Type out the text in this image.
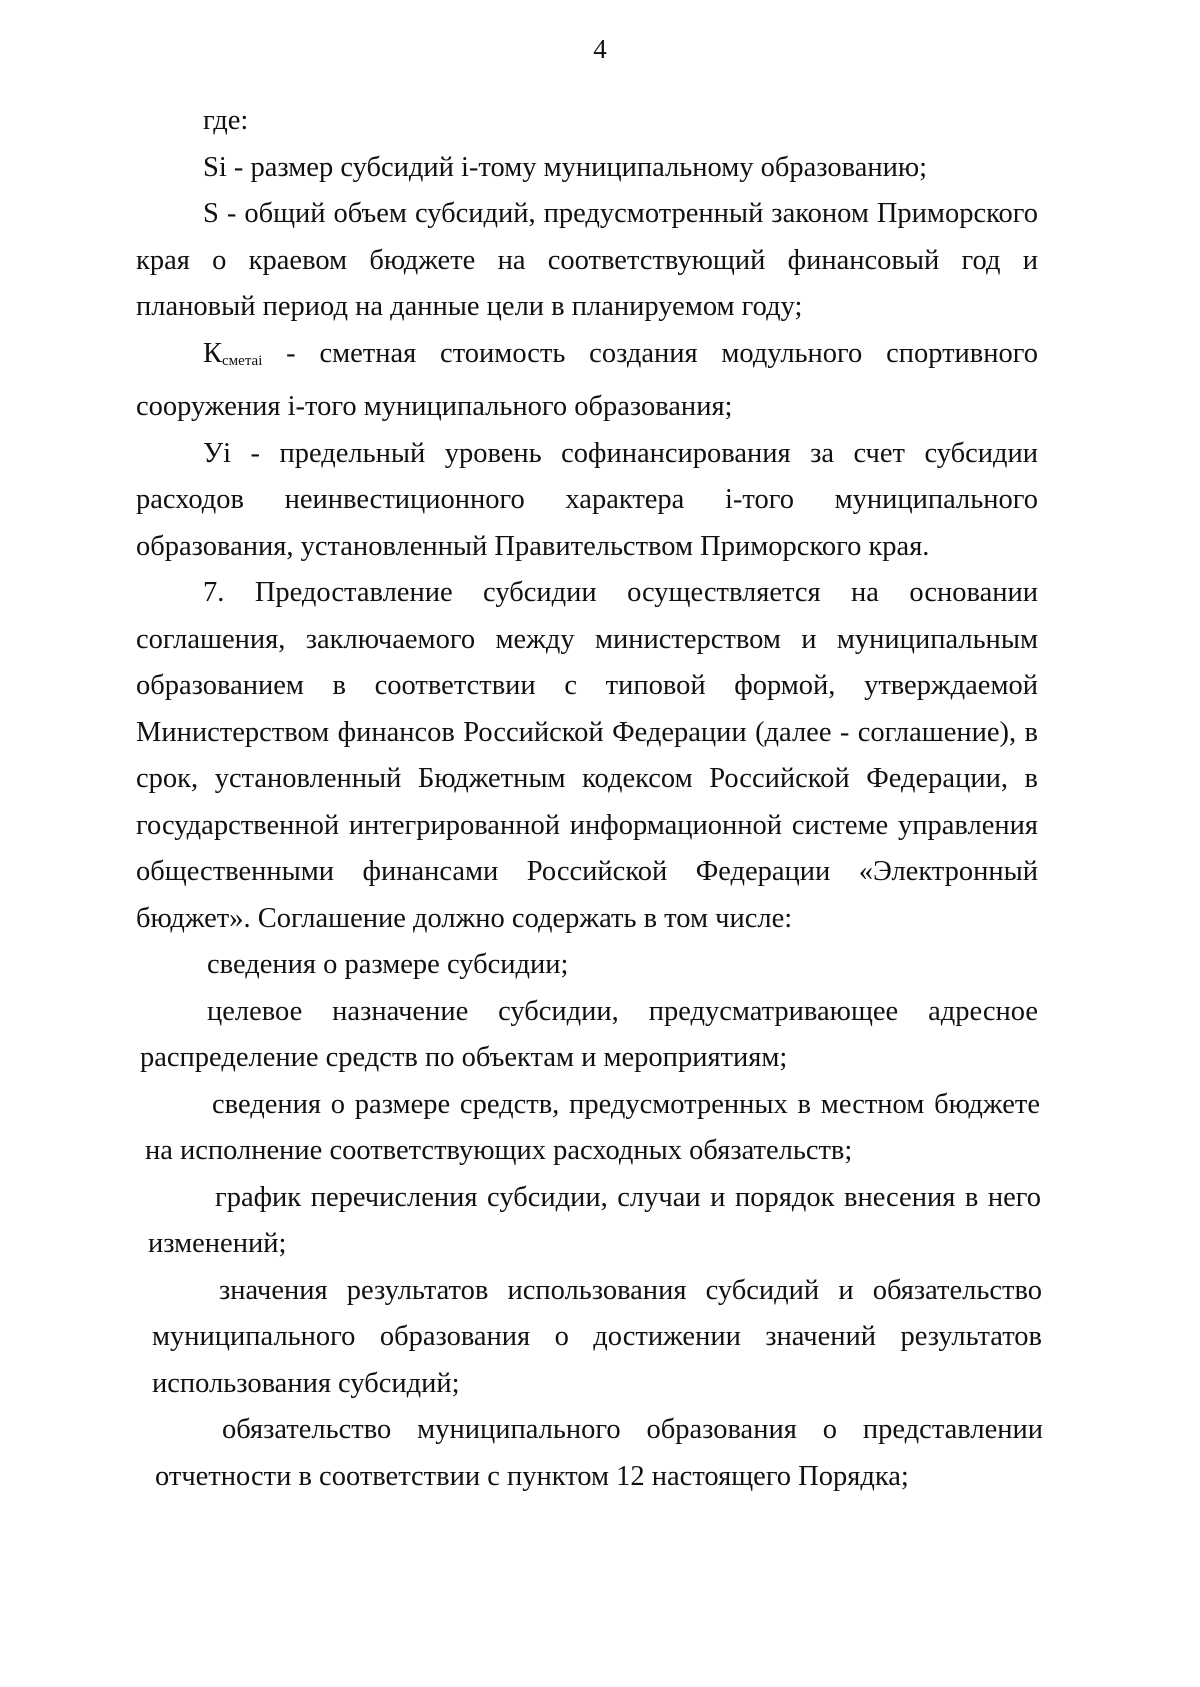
4

где:

Si - размер субсидий i-тому муниципальному образованию;

S - общий объем субсидий, предусмотренный законом Приморского края о краевом бюджете на соответствующий финансовый год и плановый период на данные цели в планируемом году;

$К_{сметаi}$ - сметная стоимость создания модульного спортивного сооружения i-того муниципального образования;

Уi - предельный уровень софинансирования за счет субсидии расходов неинвестиционного характера i-того муниципального образования, установленный Правительством Приморского края.

7. Предоставление субсидии осуществляется на основании соглашения, заключаемого между министерством и муниципальным образованием в соответствии с типовой формой, утверждаемой Министерством финансов Российской Федерации (далее - соглашение), в срок, установленный Бюджетным кодексом Российской Федерации, в государственной интегрированной информационной системе управления общественными финансами Российской Федерации «Электронный бюджет». Соглашение должно содержать в том числе:

сведения о размере субсидии;

целевое назначение субсидии, предусматривающее адресное распределение средств по объектам и мероприятиям;

сведения о размере средств, предусмотренных в местном бюджете на исполнение соответствующих расходных обязательств;

график перечисления субсидии, случаи и порядок внесения в него изменений;

значения результатов использования субсидий и обязательство муниципального образования о достижении значений результатов использования субсидий;

обязательство муниципального образования о представлении отчетности в соответствии с пунктом 12 настоящего Порядка;
